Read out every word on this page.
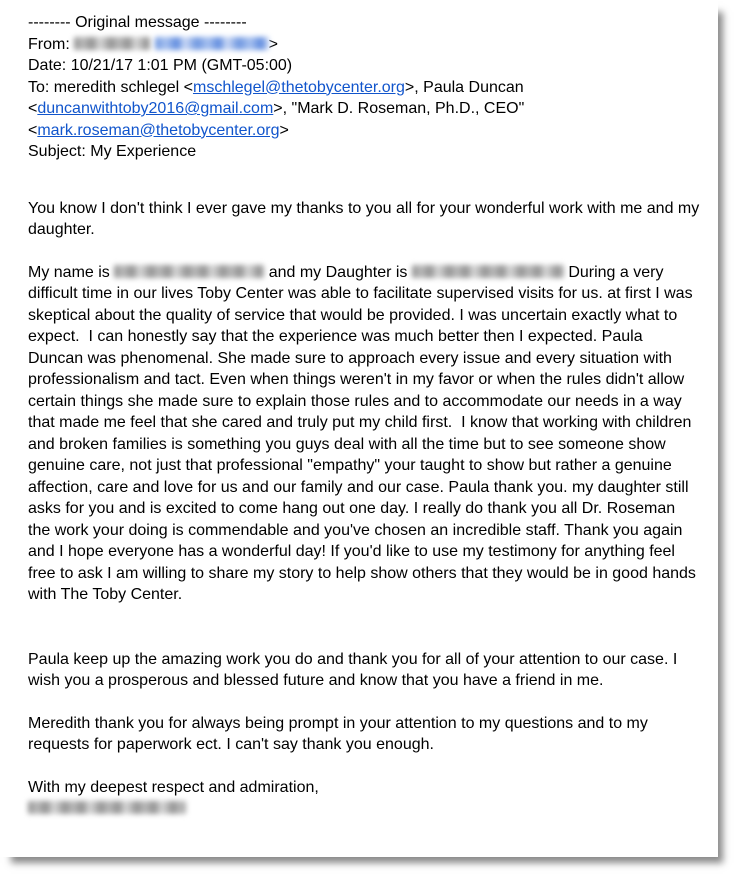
-------- Original message --------
From:	>
Date: 10/21/17 1:01 PM (GMT-05:00)
To: meredith schlegel <mschlegel@thetobycenter.org>, Paula Duncan <duncanwithtoby2016@gmail.com>, "Mark D. Roseman, Ph.D., CEO" <mark.roseman@thetobycenter.org>
Subject: My Experience
You know I don't think I ever gave my thanks to you all for your wonderful work with me and my daughter.
My name is	and my Daughter is	During a very difficult time in our lives Toby Center was able to facilitate supervised visits for us. at first I was skeptical about the quality of service that would be provided. I was uncertain exactly what to expect.  I can honestly say that the experience was much better then I expected. Paula Duncan was phenomenal. She made sure to approach every issue and every situation with professionalism and tact. Even when things weren't in my favor or when the rules didn't allow certain things she made sure to explain those rules and to accommodate our needs in a way that made me feel that she cared and truly put my child first.  I know that working with children and broken families is something you guys deal with all the time but to see someone show genuine care, not just that professional "empathy" your taught to show but rather a genuine affection, care and love for us and our family and our case. Paula thank you. my daughter still asks for you and is excited to come hang out one day. I really do thank you all Dr. Roseman the work your doing is commendable and you've chosen an incredible staff. Thank you again and I hope everyone has a wonderful day! If you'd like to use my testimony for anything feel free to ask I am willing to share my story to help show others that they would be in good hands with The Toby Center.
Paula keep up the amazing work you do and thank you for all of your attention to our case. I wish you a prosperous and blessed future and know that you have a friend in me.
Meredith thank you for always being prompt in your attention to my questions and to my requests for paperwork ect. I can't say thank you enough.
With my deepest respect and admiration,
